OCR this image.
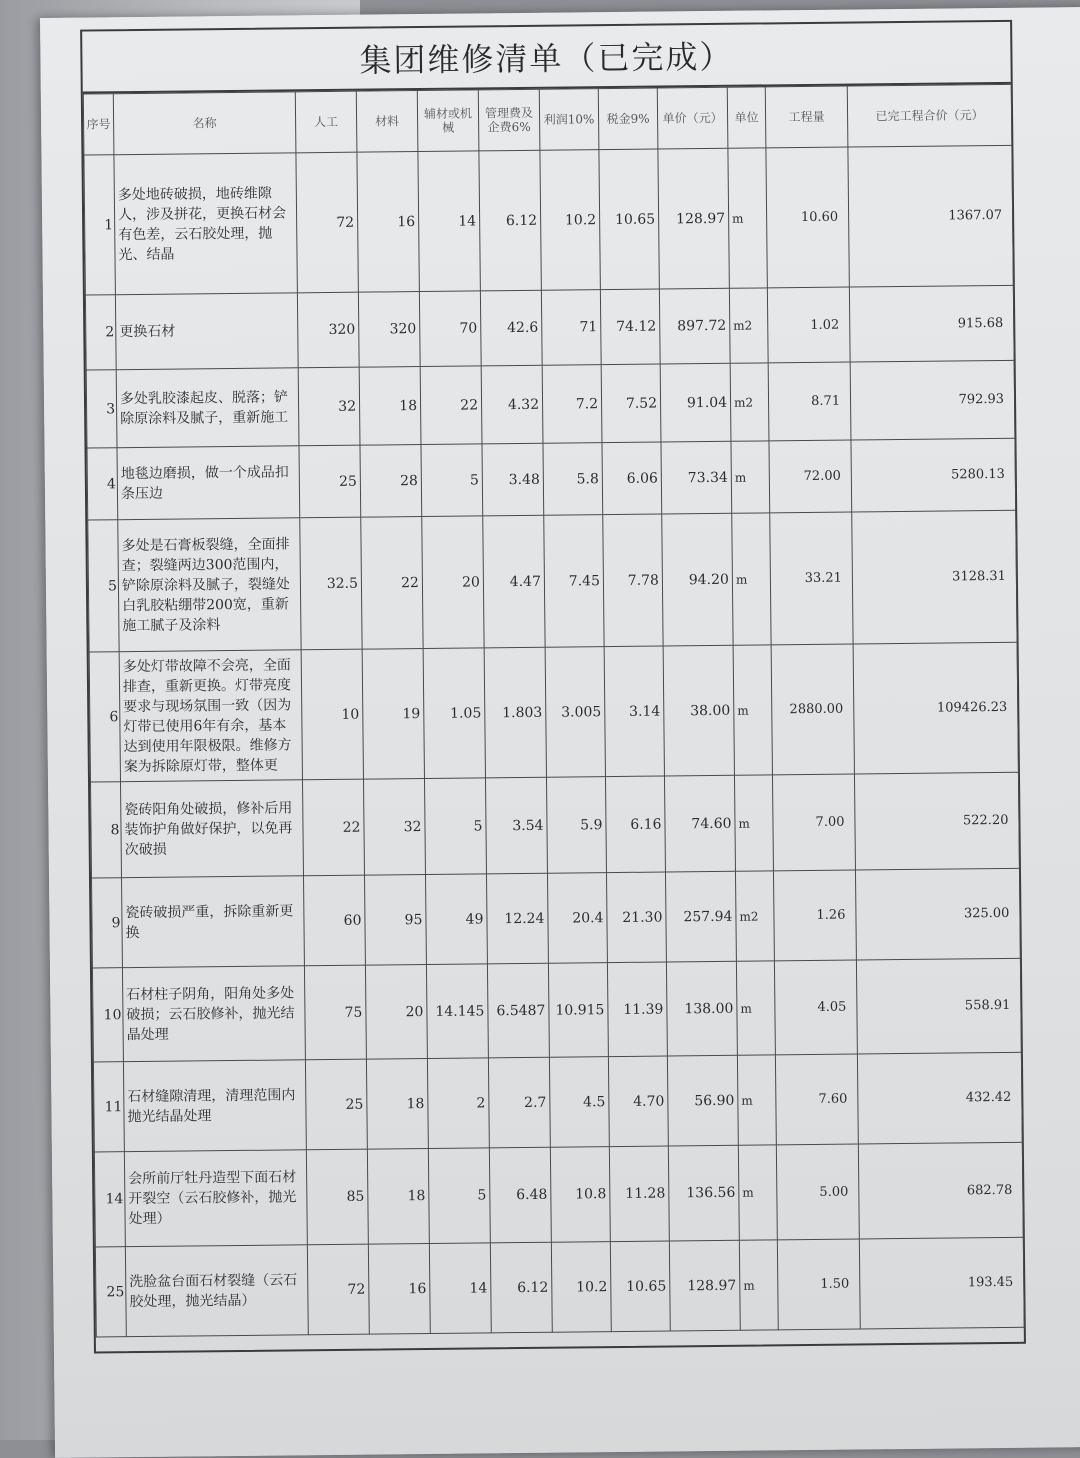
集团维修清单（已完成）
序号	名称	人工	材料	辅材或机械	管理费及企费6%	利润10%	税金9%	单价（元）	单位	工程量	已完工程合价（元）
1	多处地砖破损，地砖维隙人，涉及拼花，更换石材会有色差，云石胶处理，抛光、结晶	72	16	14	6.12	10.2	10.65	128.97	m	10.60	1367.07
2	更换石材	320	320	70	42.6	71	74.12	897.72	m2	1.02	915.68
3	多处乳胶漆起皮、脱落；铲除原涂料及腻子，重新施工	32	18	22	4.32	7.2	7.52	91.04	m2	8.71	792.93
4	地毯边磨损，做一个成品扣条压边	25	28	5	3.48	5.8	6.06	73.34	m	72.00	5280.13
5	多处是石膏板裂缝，全面排查；裂缝两边300范围内，铲除原涂料及腻子，裂缝处白乳胶粘绷带200宽，重新施工腻子及涂料	32.5	22	20	4.47	7.45	7.78	94.20	m	33.21	3128.31
6	多处灯带故障不会亮，全面排查，重新更换。灯带亮度要求与现场氛围一致（因为灯带已使用6年有余，基本达到使用年限极限。维修方案为拆除原灯带，整体更	10	19	1.05	1.803	3.005	3.14	38.00	m	2880.00	109426.23
8	瓷砖阳角处破损，修补后用装饰护角做好保护，以免再次破损	22	32	5	3.54	5.9	6.16	74.60	m	7.00	522.20
9	瓷砖破损严重，拆除重新更换	60	95	49	12.24	20.4	21.30	257.94	m2	1.26	325.00
10	石材柱子阴角，阳角处多处破损；云石胶修补，抛光结晶处理	75	20	14.145	6.5487	10.915	11.39	138.00	m	4.05	558.91
11	石材缝隙清理，清理范围内抛光结晶处理	25	18	2	2.7	4.5	4.70	56.90	m	7.60	432.42
14	会所前厅牡丹造型下面石材开裂空（云石胶修补，抛光处理）	85	18	5	6.48	10.8	11.28	136.56	m	5.00	682.78
25	洗脸盆台面石材裂缝（云石胶处理，抛光结晶）	72	16	14	6.12	10.2	10.65	128.97	m	1.50	193.45
